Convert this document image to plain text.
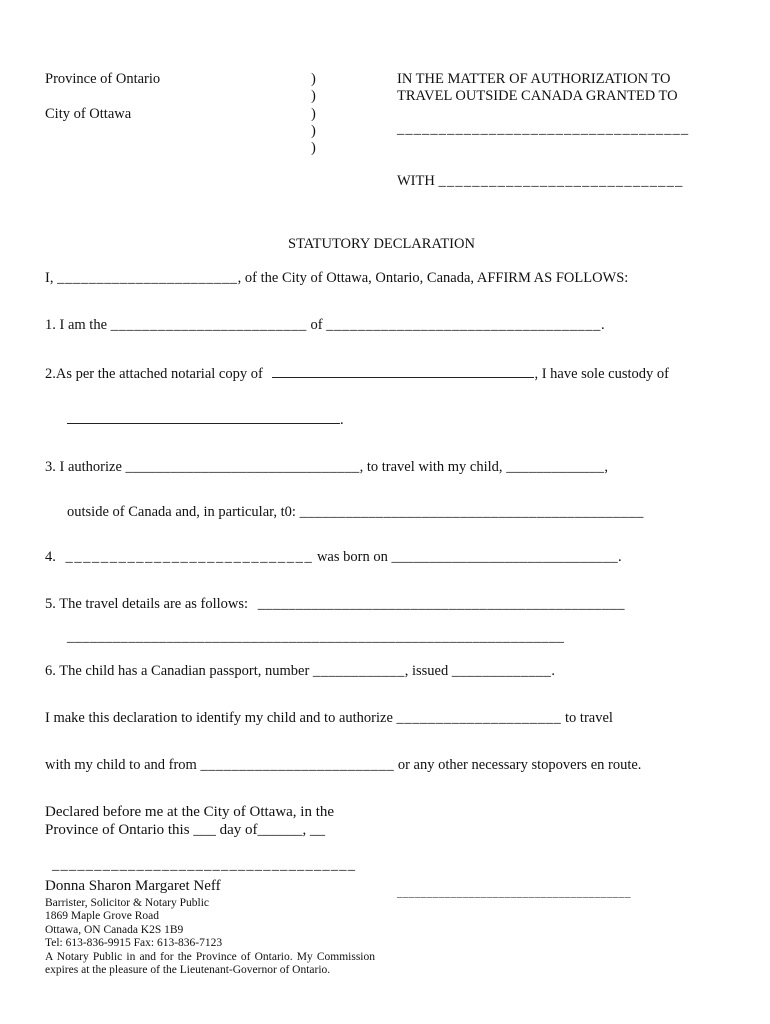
Province of Ontario
City of Ottawa
)
)
)
)
)
IN THE MATTER OF AUTHORIZATION TO
TRAVEL OUTSIDE CANADA GRANTED TO
___________________________________
WITH _____________________________
STATUTORY DECLARATION
I, _______________________, of the City of Ottawa, Ontario, Canada, AFFIRM AS FOLLOWS:
1. I am the _________________________ of ___________________________________.
2.As per the attached notarial copy of	, I have sole custody of
.
3. I authorize _______________________________, to travel with my child, _____________,
outside of Canada and, in particular, t0: _____________________________________________
4. ____________________________ was born on ______________________________.
5. The travel details are as follows: ________________________________________________
_________________________________________________________________
6. The child has a Canadian passport, number ____________, issued _____________.
I make this declaration to identify my child and to authorize _____________________ to travel
with my child to and from _________________________ or any other necessary stopovers en route.
Declared before me at the City of Ottawa, in the
Province of Ontario this ___ day of______, __
____________________________________
Donna Sharon Margaret Neff
Barrister, Solicitor & Notary Public
1869 Maple Grove Road
Ottawa, ON Canada K2S 1B9
Tel: 613-836-9915 Fax: 613-836-7123
A Notary Public in and for the Province of Ontario. My Commission expires at the pleasure of the Lieutenant-Governor of Ontario.
_______________________________________
